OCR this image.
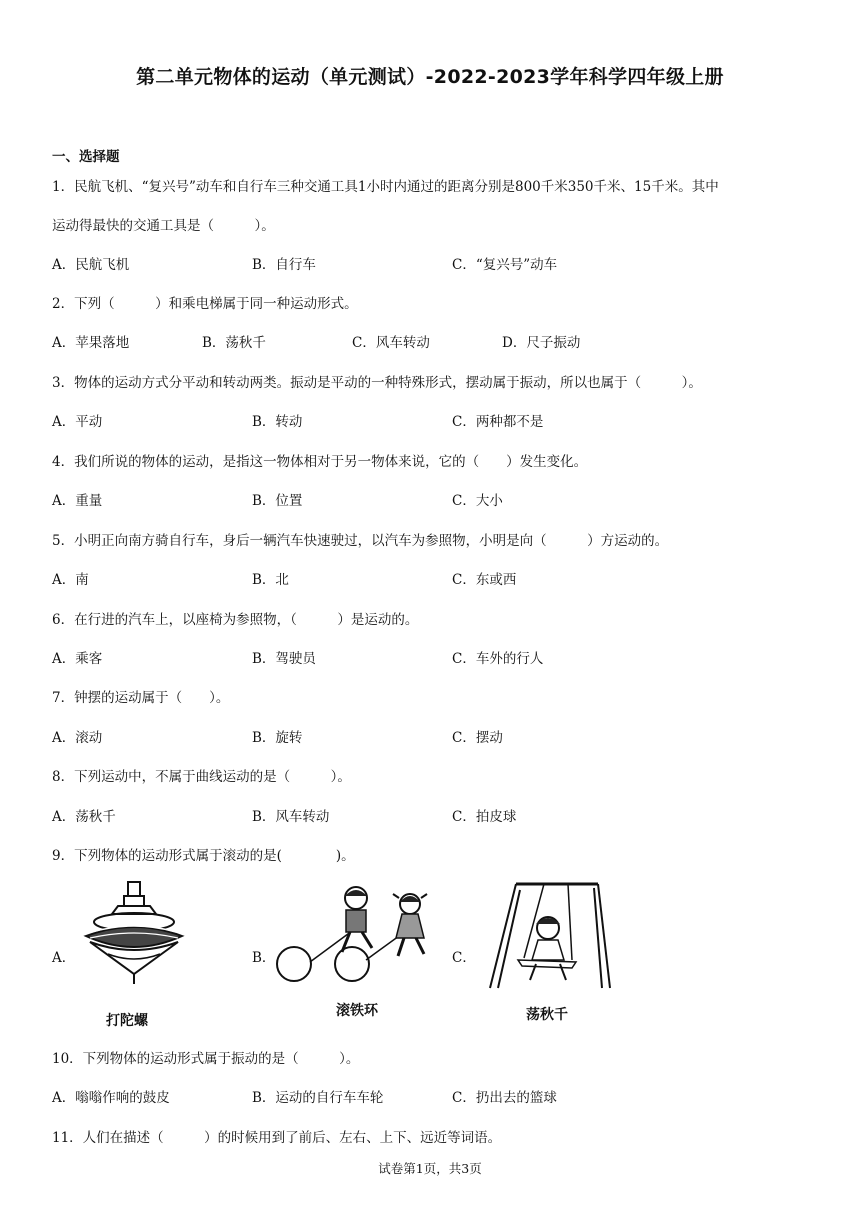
第二单元物体的运动（单元测试）-2022-2023学年科学四年级上册
一、选择题
1．民航飞机、“复兴号”动车和自行车三种交通工具1小时内通过的距离分别是800千米350千米、15千米。其中
运动得最快的交通工具是（　　　）。
A．民航飞机	B．自行车	C．“复兴号”动车
2．下列（　　　）和乘电梯属于同一种运动形式。
A．苹果落地	B．荡秋千	C．风车转动	D．尺子振动
3．物体的运动方式分平动和转动两类。振动是平动的一种特殊形式，摆动属于振动，所以也属于（　　　）。
A．平动	B．转动	C．两种都不是
4．我们所说的物体的运动，是指这一物体相对于另一物体来说，它的（　　）发生变化。
A．重量	B．位置	C．大小
5．小明正向南方骑自行车，身后一辆汽车快速驶过，以汽车为参照物，小明是向（　　　）方运动的。
A．南	B．北	C．东或西
6．在行进的汽车上，以座椅为参照物，（　　　）是运动的。
A．乘客	B．驾驶员	C．车外的行人
7．钟摆的运动属于（　　）。
A．滚动	B．旋转	C．摆动
8．下列运动中，不属于曲线运动的是（　　　）。
A．荡秋千	B．风车转动	C．拍皮球
9．下列物体的运动形式属于滚动的是(　　　　)。
A．	B．	C．
打陀螺
滚铁环	荡秋千
10．下列物体的运动形式属于振动的是（　　　）。
A．嗡嗡作响的鼓皮	B．运动的自行车车轮	C．扔出去的篮球
11．人们在描述（　　　）的时候用到了前后、左右、上下、远近等词语。
试卷第1页，共3页
